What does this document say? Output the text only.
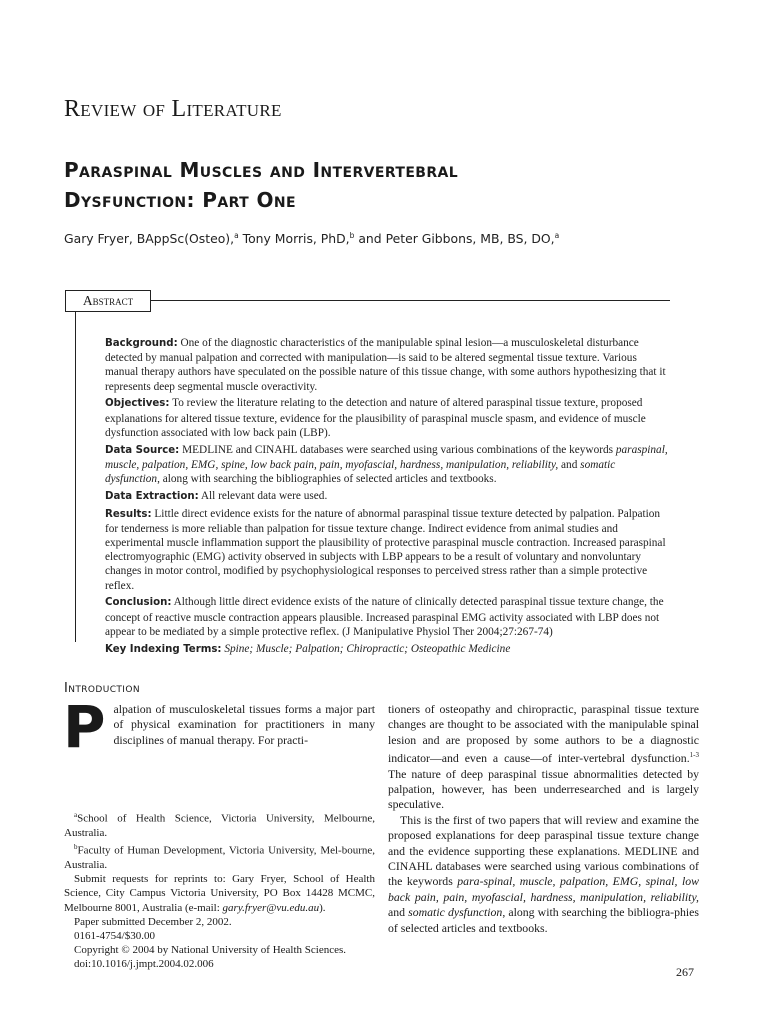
Review of Literature
Paraspinal Muscles and Intervertebral
Dysfunction: Part One
Gary Fryer, BAppSc(Osteo),$^a$ Tony Morris, PhD,$^b$ and Peter Gibbons, MB, BS, DO,$^a$
Abstract

Background: One of the diagnostic characteristics of the manipulable spinal lesion—a musculoskeletal disturbance detected by manual palpation and corrected with manipulation—is said to be altered segmental tissue texture. Various manual therapy authors have speculated on the possible nature of this tissue change, with some authors hypothesizing that it represents deep segmental muscle overactivity.

Objectives: To review the literature relating to the detection and nature of altered paraspinal tissue texture, proposed explanations for altered tissue texture, evidence for the plausibility of paraspinal muscle spasm, and evidence of muscle dysfunction associated with low back pain (LBP).

Data Source: MEDLINE and CINAHL databases were searched using various combinations of the keywords paraspinal, muscle, palpation, EMG, spine, low back pain, pain, myofascial, hardness, manipulation, reliability, and somatic dysfunction, along with searching the bibliographies of selected articles and textbooks.

Data Extraction: All relevant data were used.

Results: Little direct evidence exists for the nature of abnormal paraspinal tissue texture detected by palpation. Palpation for tenderness is more reliable than palpation for tissue texture change. Indirect evidence from animal studies and experimental muscle inflammation support the plausibility of protective paraspinal muscle contraction. Increased paraspinal electromyographic (EMG) activity observed in subjects with LBP appears to be a result of voluntary and nonvoluntary changes in motor control, modified by psychophysiological responses to perceived stress rather than a simple protective reflex.

Conclusion: Although little direct evidence exists of the nature of clinically detected paraspinal tissue texture change, the concept of reactive muscle contraction appears plausible. Increased paraspinal EMG activity associated with LBP does not appear to be mediated by a simple protective reflex. (J Manipulative Physiol Ther 2004;27:267-74)

Key Indexing Terms: Spine; Muscle; Palpation; Chiropractic; Osteopathic Medicine

Introduction
Palpation of musculoskeletal tissues forms a major part of physical examination for practitioners in many disciplines of manual therapy. For practi-

tioners of osteopathy and chiropractic, paraspinal tissue texture changes are thought to be associated with the manipulable spinal lesion and are proposed by some authors to be a diagnostic indicator—and even a cause—of inter-vertebral dysfunction.$^{1-3}$ The nature of deep paraspinal tissue abnormalities detected by palpation, however, has been underresearched and is largely speculative.

This is the first of two papers that will review and examine the proposed explanations for deep paraspinal tissue texture change and the evidence supporting these explanations. MEDLINE and CINAHL databases were searched using various combinations of the keywords para-spinal, muscle, palpation, EMG, spinal, low back pain, pain, myofascial, hardness, manipulation, reliability, and somatic dysfunction, along with searching the bibliogra-phies of selected articles and textbooks.

$^a$School of Health Science, Victoria University, Melbourne, Australia.

$^b$Faculty of Human Development, Victoria University, Mel-bourne, Australia.

Submit requests for reprints to: Gary Fryer, School of Health Science, City Campus Victoria University, PO Box 14428 MCMC, Melbourne 8001, Australia (e-mail: gary.fryer@vu.edu.au).

Paper submitted December 2, 2002.

0161-4754/$30.00

Copyright © 2004 by National University of Health Sciences.

doi:10.1016/j.jmpt.2004.02.006

267
